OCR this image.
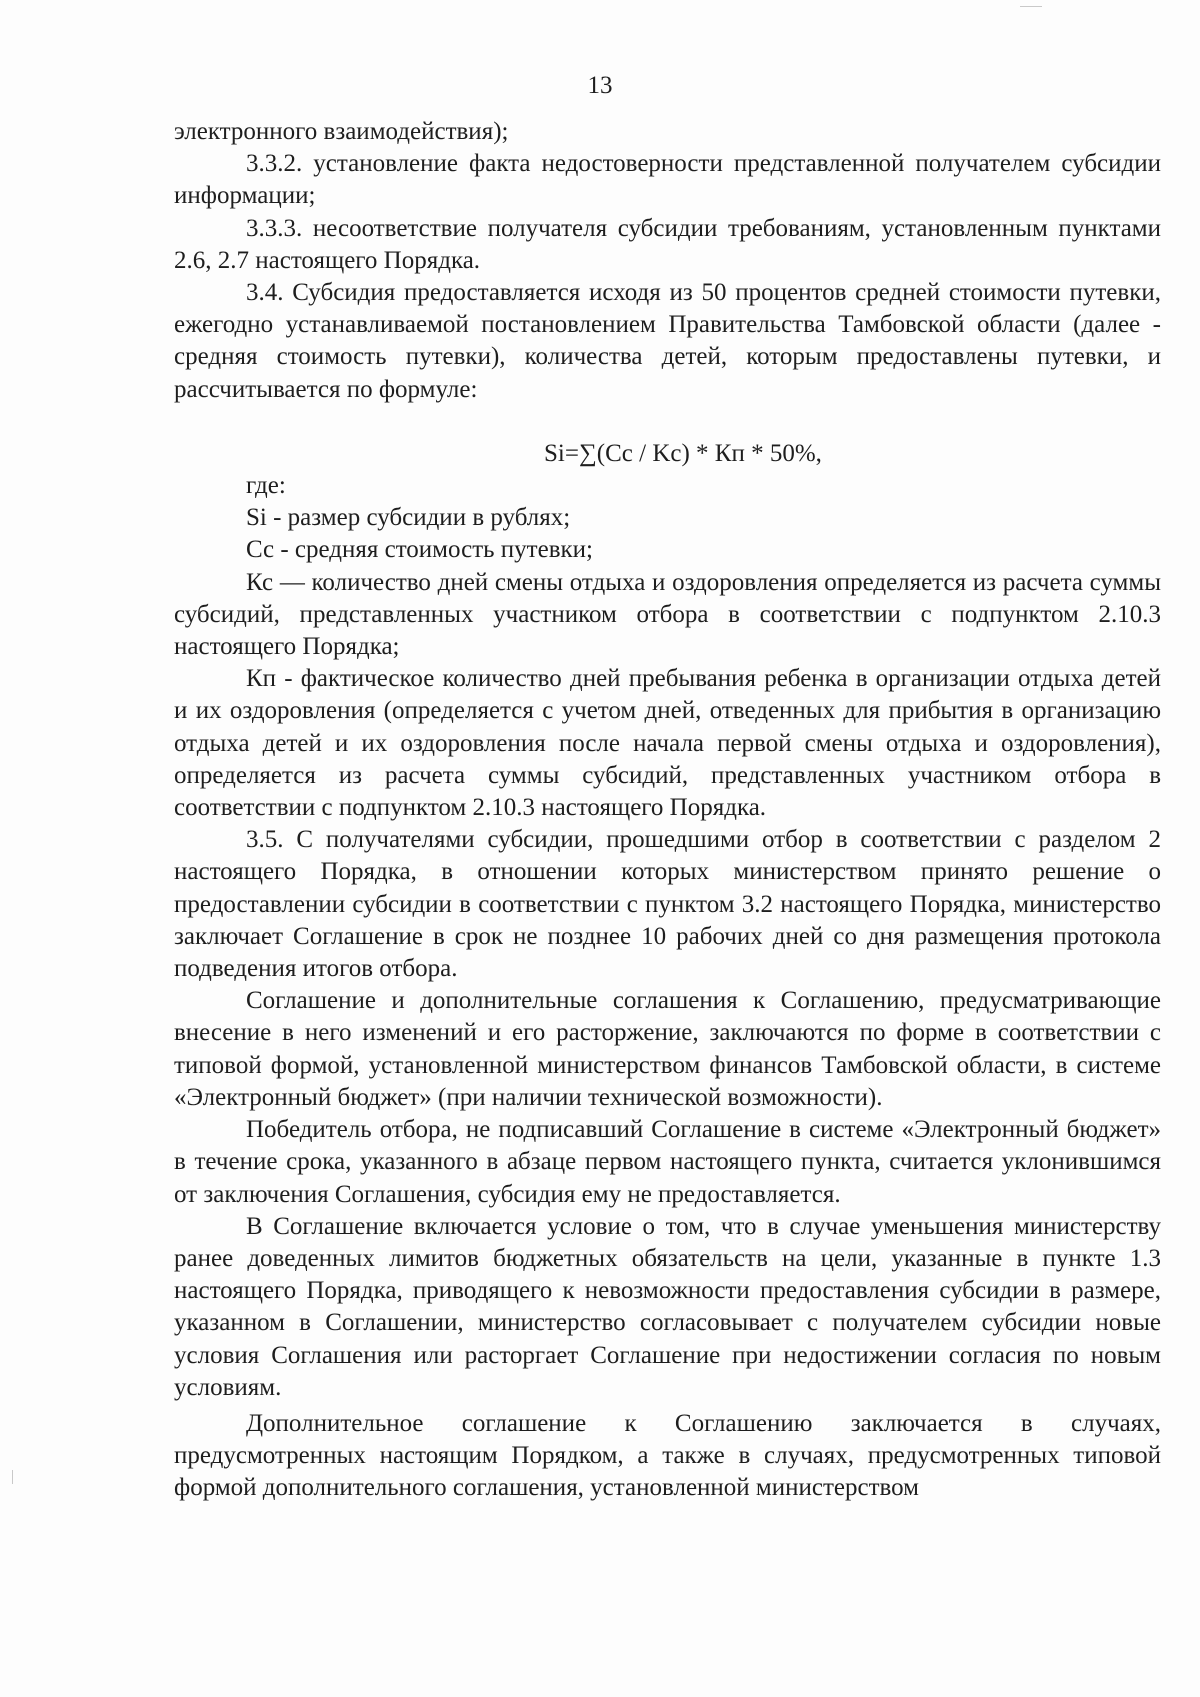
13

электронного взаимодействия);

3.3.2. установление факта недостоверности представленной получателем субсидии информации;

3.3.3. несоответствие получателя субсидии требованиям, установленным пунктами 2.6, 2.7 настоящего Порядка.

3.4. Субсидия предоставляется исходя из 50 процентов средней стоимости путевки, ежегодно устанавливаемой постановлением Правительства Тамбовской области (далее - средняя стоимость путевки), количества детей, которым предоставлены путевки, и рассчитывается по формуле:

Si=∑(Cc / Kc) * Кп * 50%,

где:

Si - размер субсидии в рублях;

Сс - средняя стоимость путевки;

Кс — количество дней смены отдыха и оздоровления определяется из расчета суммы субсидий, представленных участником отбора в соответствии с подпунктом 2.10.3 настоящего Порядка;

Кп - фактическое количество дней пребывания ребенка в организации отдыха детей и их оздоровления (определяется с учетом дней, отведенных для прибытия в организацию отдыха детей и их оздоровления после начала первой смены отдыха и оздоровления), определяется из расчета суммы субсидий, представленных участником отбора в соответствии с подпунктом 2.10.3 настоящего Порядка.

3.5. С получателями субсидии, прошедшими отбор в соответствии с разделом 2 настоящего Порядка, в отношении которых министерством принято решение о предоставлении субсидии в соответствии с пунктом 3.2 настоящего Порядка, министерство заключает Соглашение в срок не позднее 10 рабочих дней со дня размещения протокола подведения итогов отбора.

Соглашение и дополнительные соглашения к Соглашению, предусматривающие внесение в него изменений и его расторжение, заключаются по форме в соответствии с типовой формой, установленной министерством финансов Тамбовской области, в системе «Электронный бюджет» (при наличии технической возможности).

Победитель отбора, не подписавший Соглашение в системе «Электронный бюджет» в течение срока, указанного в абзаце первом настоящего пункта, считается уклонившимся от заключения Соглашения, субсидия ему не предоставляется.

В Соглашение включается условие о том, что в случае уменьшения министерству ранее доведенных лимитов бюджетных обязательств на цели, указанные в пункте 1.3 настоящего Порядка, приводящего к невозможности предоставления субсидии в размере, указанном в Соглашении, министерство согласовывает с получателем субсидии новые условия Соглашения или расторгает Соглашение при недостижении согласия по новым условиям.

Дополнительное соглашение к Соглашению заключается в случаях, предусмотренных настоящим Порядком, а также в случаях, предусмотренных типовой формой дополнительного соглашения, установленной министерством
